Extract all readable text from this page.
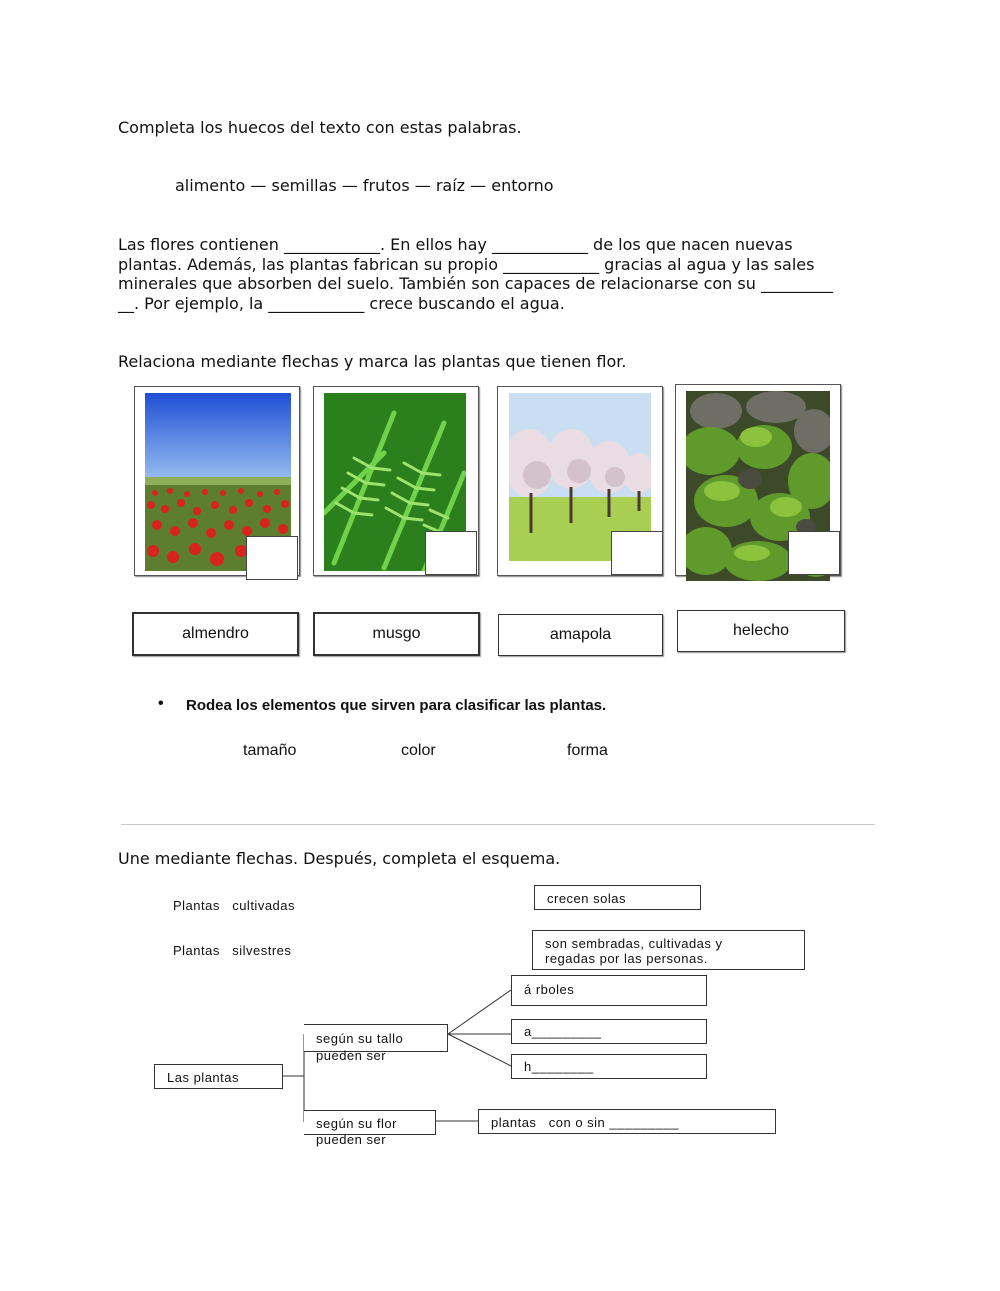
Completa los huecos del texto con estas palabras.
alimento — semillas — frutos — raíz — entorno
Las flores contienen ____________. En ellos hay ____________ de los que nacen nuevas
plantas. Además, las plantas fabrican su propio ____________ gracias al agua y las sales
minerales que absorben del suelo. También son capaces de relacionarse con su _________
__. Por ejemplo, la ____________ crece buscando el agua.
Relaciona mediante flechas y marca las plantas que tienen flor.
almendro	musgo	amapola	helecho
• Rodea los elementos que sirven para clasificar las plantas.
tamaño	color	forma
Une mediante flechas. Después, completa el esquema.
Plantas   cultivadas
Plantas   silvestres
crecen solas
son sembradas, cultivadas y
regadas por las personas.
Las plantas
según su tallo
pueden ser
según su flor
pueden ser
á rboles
a_________
h________
plantas   con o sin _________
